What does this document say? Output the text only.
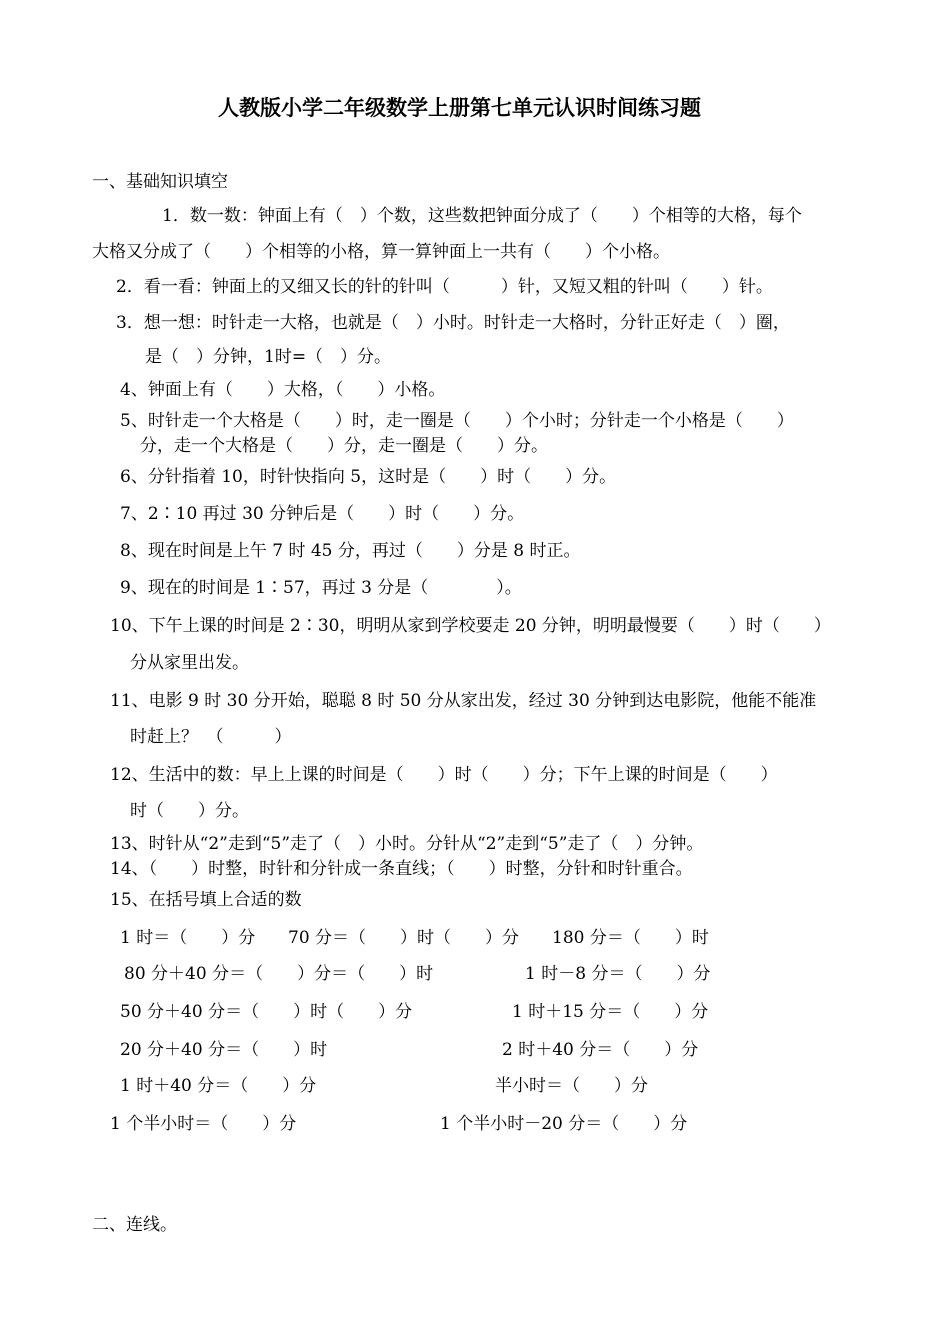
人教版小学二年级数学上册第七单元认识时间练习题
一、基础知识填空
1．数一数：钟面上有（　）个数，这些数把钟面分成了（　　）个相等的大格，每个
大格又分成了（　　）个相等的小格，算一算钟面上一共有（　　）个小格。
2．看一看：钟面上的又细又长的针的针叫（　　　）针，又短又粗的针叫（　　）针。
3．想一想：时针走一大格，也就是（　）小时。时针走一大格时，分针正好走（　）圈，
是（　）分钟，1时=（　）分。
4、钟面上有（　　）大格，（　　）小格。
5、时针走一个大格是（　　）时，走一圈是（　　）个小时；分针走一个小格是（　　）
分，走一个大格是（　　）分，走一圈是（　　）分。
6、分针指着 10，时针快指向 5，这时是（　　）时（　　）分。
7、2∶10 再过 30 分钟后是（　　）时（　　）分。
8、现在时间是上午 7 时 45 分，再过（　　）分是 8 时正。
9、现在的时间是 1∶57，再过 3 分是（　　　　）。
10、下午上课的时间是 2∶30，明明从家到学校要走 20 分钟，明明最慢要（　　）时（　　）
分从家里出发。
11、电影 9 时 30 分开始，聪聪 8 时 50 分从家出发，经过 30 分钟到达电影院，他能不能准
时赶上？　（　　　）
12、生活中的数：早上上课的时间是（　　）时（　　）分；下午上课的时间是（　　）
时（　　）分。
13、时针从“2”走到“5”走了（　）小时。分针从“2”走到“5”走了（　）分钟。
14、（　　）时整，时针和分针成一条直线；（　　）时整，分针和时针重合。
15、在括号填上合适的数
1 时＝（　　）分 70 分＝（　　）时（　　）分 180 分＝（　　）时
80 分＋40 分＝（　　）分＝（　　）时	1 时－8 分＝（　　）分
50 分＋40 分＝（　　）时（　　）分	1 时＋15 分＝（　　）分
20 分＋40 分＝（　　）时	2 时＋40 分＝（　　）分
1 时＋40 分＝（　　）分	半小时＝（　　）分
1 个半小时＝（　　）分	1 个半小时－20 分＝（　　）分
二、连线。
